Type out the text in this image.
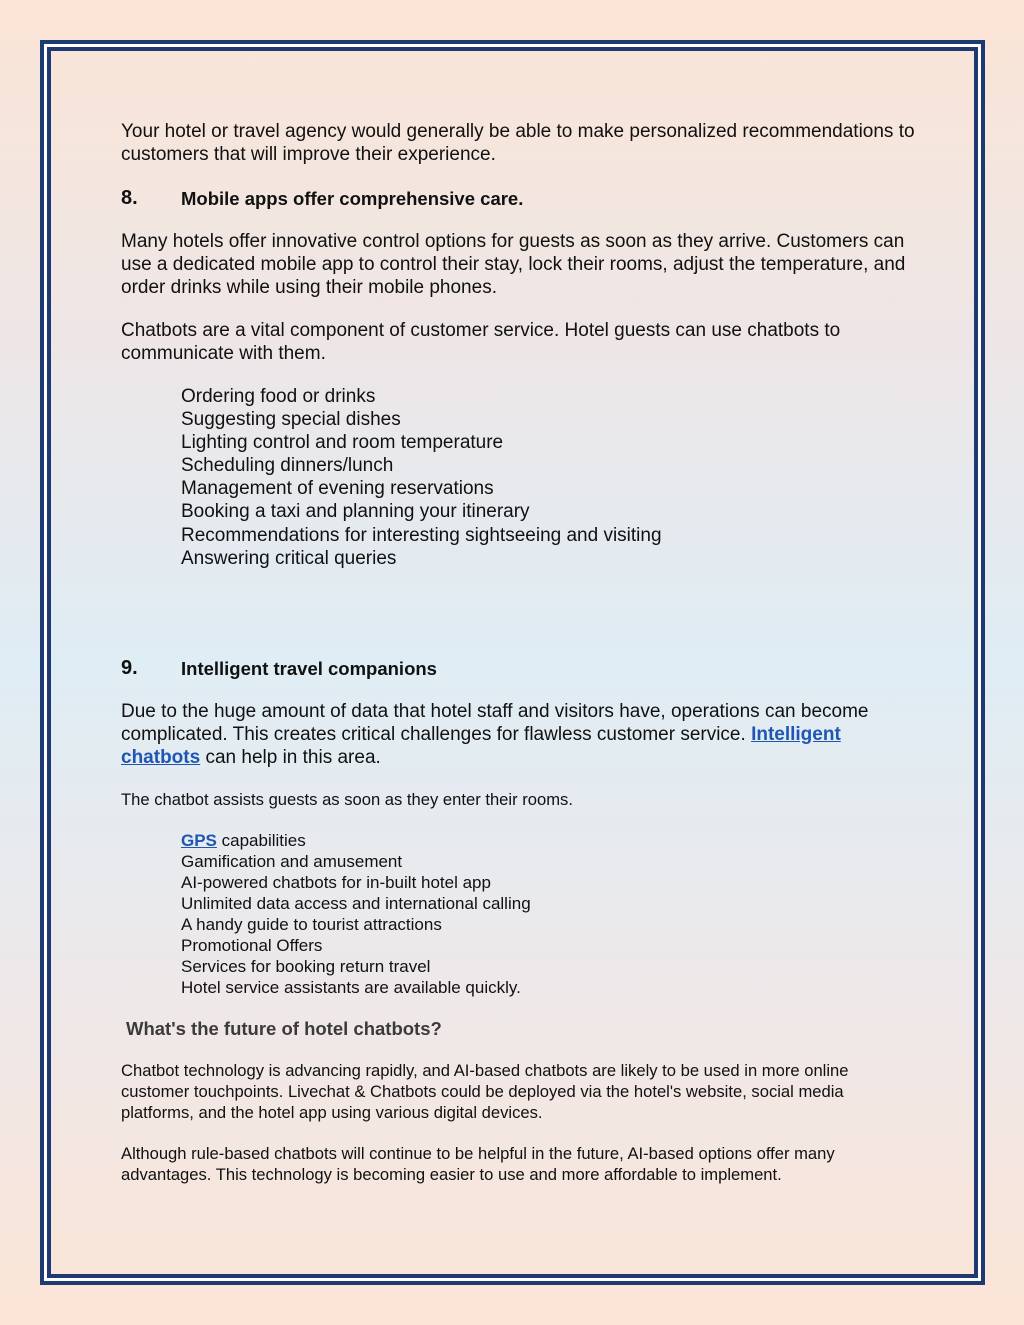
Your hotel or travel agency would generally be able to make personalized recommendations to customers that will improve their experience.

8. Mobile apps offer comprehensive care.

Many hotels offer innovative control options for guests as soon as they arrive. Customers can use a dedicated mobile app to control their stay, lock their rooms, adjust the temperature, and order drinks while using their mobile phones.

Chatbots are a vital component of customer service. Hotel guests can use chatbots to communicate with them.

Ordering food or drinks
Suggesting special dishes
Lighting control and room temperature
Scheduling dinners/lunch
Management of evening reservations
Booking a taxi and planning your itinerary
Recommendations for interesting sightseeing and visiting
Answering critical queries
9. Intelligent travel companions

Due to the huge amount of data that hotel staff and visitors have, operations can become complicated. This creates critical challenges for flawless customer service. Intelligent chatbots can help in this area.

The chatbot assists guests as soon as they enter their rooms.

GPS capabilities
Gamification and amusement
AI-powered chatbots for in-built hotel app
Unlimited data access and international calling
A handy guide to tourist attractions
Promotional Offers
Services for booking return travel
Hotel service assistants are available quickly.
What's the future of hotel chatbots?

Chatbot technology is advancing rapidly, and AI-based chatbots are likely to be used in more online customer touchpoints. Livechat & Chatbots could be deployed via the hotel's website, social media platforms, and the hotel app using various digital devices.

Although rule-based chatbots will continue to be helpful in the future, AI-based options offer many advantages. This technology is becoming easier to use and more affordable to implement.
